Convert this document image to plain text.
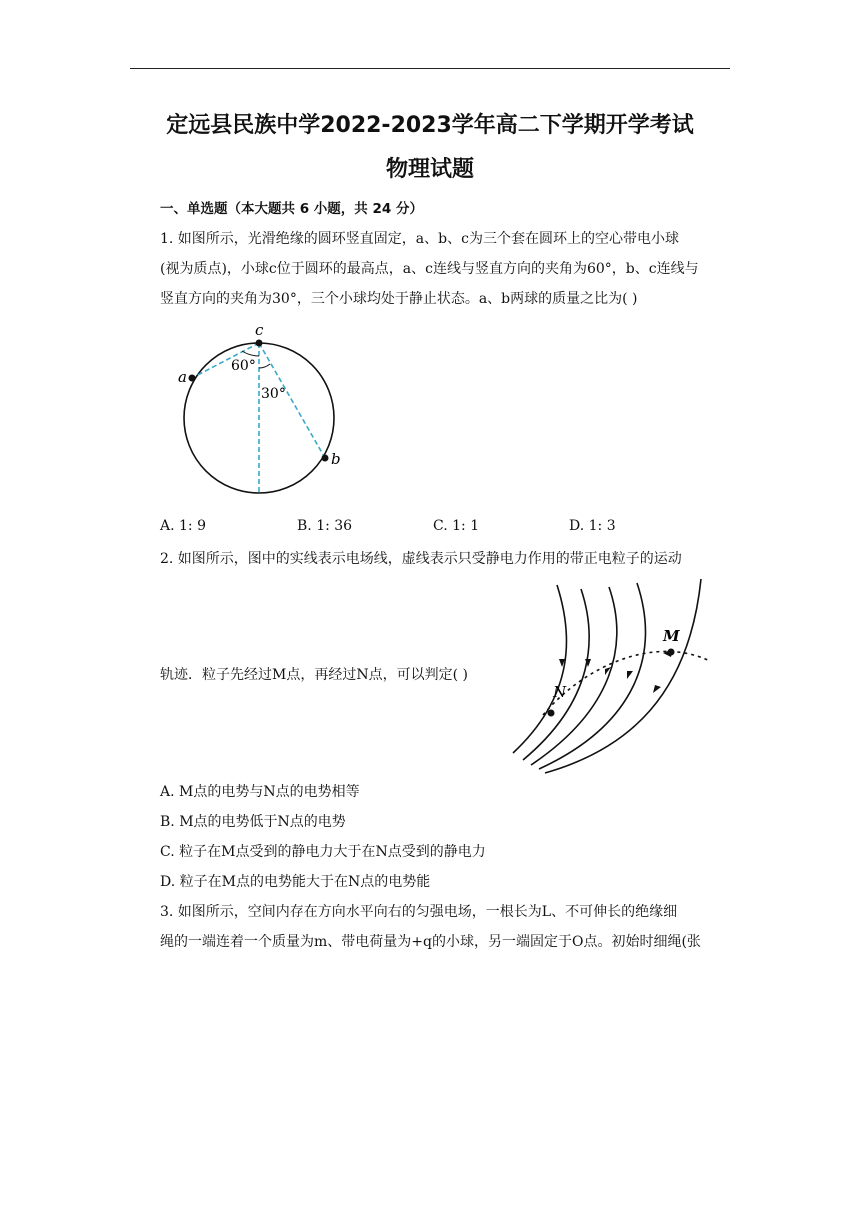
定远县民族中学2022-2023学年高二下学期开学考试
物理试题
一、单选题（本大题共 6 小题，共 24 分）
1. 如图所示，光滑绝缘的圆环竖直固定，a、b、c为三个套在圆环上的空心带电小球
(视为质点)，小球c位于圆环的最高点，a、c连线与竖直方向的夹角为60°，b、c连线与
竖直方向的夹角为30°，三个小球均处于静止状态。a、b两球的质量之比为( )
c
a
b
60°
30°
A. 1: 9	B. 1: 36	C. 1: 1	D. 1: 3
2. 如图所示，图中的实线表示电场线，虚线表示只受静电力作用的带正电粒子的运动
轨迹．粒子先经过M点，再经过N点，可以判定( )
M
N
A. M点的电势与N点的电势相等
B. M点的电势低于N点的电势
C. 粒子在M点受到的静电力大于在N点受到的静电力
D. 粒子在M点的电势能大于在N点的电势能
3. 如图所示，空间内存在方向水平向右的匀强电场，一根长为L、不可伸长的绝缘细
绳的一端连着一个质量为m、带电荷量为+q的小球，另一端固定于O点。初始时细绳(张
